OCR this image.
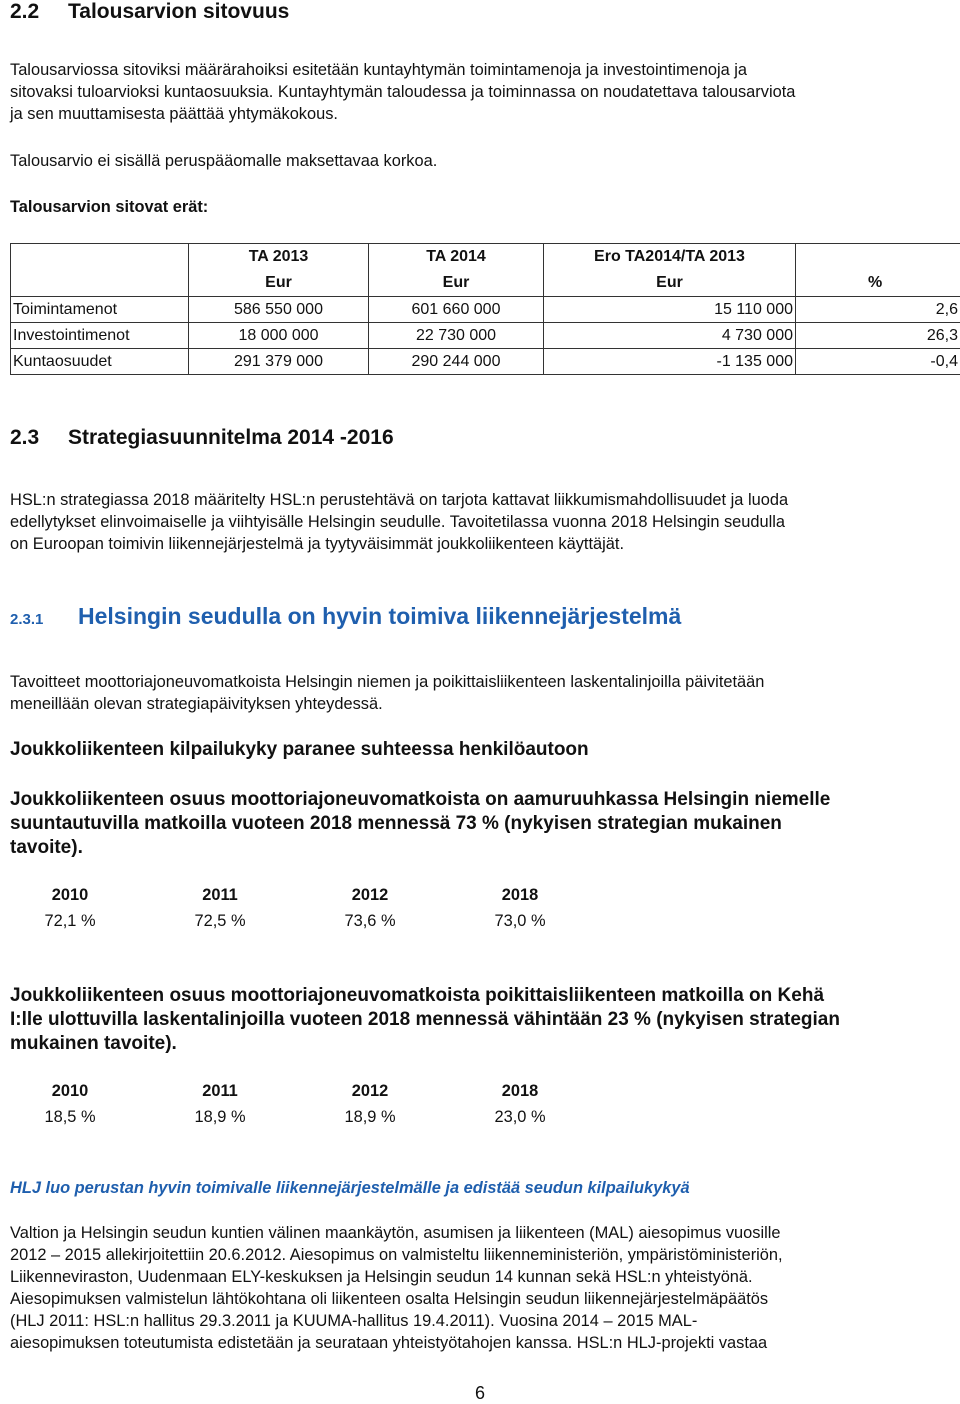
2.2 Talousarvion sitovuus

Talousarviossa sitoviksi määrärahoiksi esitetään kuntayhtymän toimintamenoja ja investointimenoja ja

sitovaksi tuloarvioksi kuntaosuuksia. Kuntayhtymän taloudessa ja toiminnassa on noudatettava talousarviota

ja sen muuttamisesta päättää yhtymäkokous.

Talousarvio ei sisällä peruspääomalle maksettavaa korkoa.

Talousarvion sitovat erät:

	TA 2013	TA 2014	Ero TA2014/TA 2013	
	Eur	Eur	Eur	%
Toimintamenot	586 550 000	601 660 000	15 110 000	2,6
Investointimenot	18 000 000	22 730 000	4 730 000	26,3
Kuntaosuudet	291 379 000	290 244 000	-1 135 000	-0,4
2.3 Strategiasuunnitelma 2014 -2016

HSL:n strategiassa 2018 määritelty HSL:n perustehtävä on tarjota kattavat liikkumismahdollisuudet ja luoda

edellytykset elinvoimaiselle ja viihtyisälle Helsingin seudulle. Tavoitetilassa vuonna 2018 Helsingin seudulla

on Euroopan toimivin liikennejärjestelmä ja tyytyväisimmät joukkoliikenteen käyttäjät.

2.3.1 Helsingin seudulla on hyvin toimiva liikennejärjestelmä

Tavoitteet moottoriajoneuvomatkoista Helsingin niemen ja poikittaisliikenteen laskentalinjoilla päivitetään

meneillään olevan strategiapäivityksen yhteydessä.

Joukkoliikenteen kilpailukyky paranee suhteessa henkilöautoon

Joukkoliikenteen osuus moottoriajoneuvomatkoista on aamuruuhkassa Helsingin niemelle

suuntautuvilla matkoilla vuoteen 2018 mennessä 73 % (nykyisen strategian mukainen

tavoite).

2010	2011	2012	2018
72,1 %	72,5 %	73,6 %	73,0 %

Joukkoliikenteen osuus moottoriajoneuvomatkoista poikittaisliikenteen matkoilla on Kehä

I:lle ulottuvilla laskentalinjoilla vuoteen 2018 mennessä vähintään 23 % (nykyisen strategian

mukainen tavoite).

2010	2011	2012	2018
18,5 %	18,9 %	18,9 %	23,0 %

HLJ luo perustan hyvin toimivalle liikennejärjestelmälle ja edistää seudun kilpailukykyä

Valtion ja Helsingin seudun kuntien välinen maankäytön, asumisen ja liikenteen (MAL) aiesopimus vuosille

2012 – 2015 allekirjoitettiin 20.6.2012. Aiesopimus on valmisteltu liikenneministeriön, ympäristöministeriön,

Liikenneviraston, Uudenmaan ELY-keskuksen ja Helsingin seudun 14 kunnan sekä HSL:n yhteistyönä.

Aiesopimuksen valmistelun lähtökohtana oli liikenteen osalta Helsingin seudun liikennejärjestelmäpäätös

(HLJ 2011: HSL:n hallitus 29.3.2011 ja KUUMA-hallitus 19.4.2011). Vuosina 2014 – 2015 MAL-

aiesopimuksen toteutumista edistetään ja seurataan yhteistyötahojen kanssa. HSL:n HLJ-projekti vastaa

6
